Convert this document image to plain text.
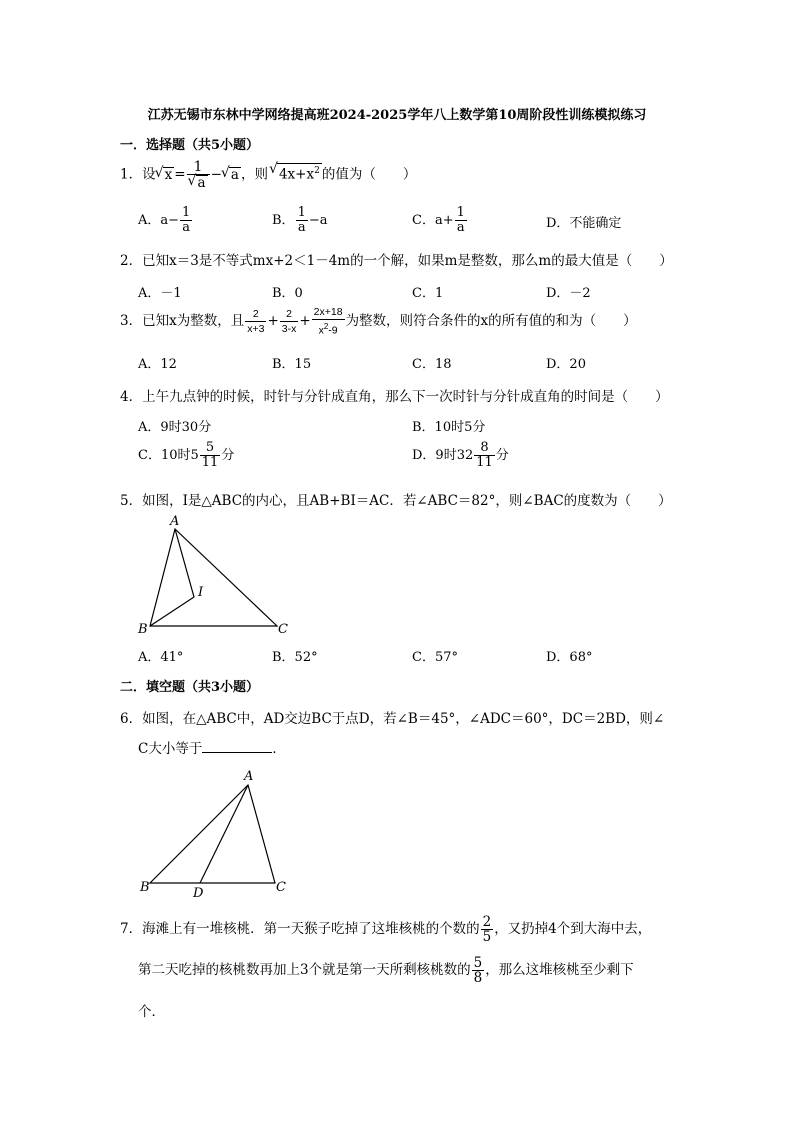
江苏无锡市东林中学网络提高班2024-2025学年八上数学第10周阶段性训练模拟练习
一．选择题（共5小题）
1．设 √ x = 1
√ a − √ a ，则 √ $4x+x^2$ 的值为（　　）
A．$a- \frac{1}{a}$	B． $\frac{1}{a} -a$	C．$a+ \frac{1}{a}$	D．不能确定
2．已知x＝3是不等式mx+2＜1－4m的一个解，如果m是整数，那么m的最大值是（　　）
A．－1	B．0	C．1	D．－2
3．已知x为整数，且 $\frac{2}{x+3} + \frac{2}{3-x} + \frac{2x+18}{x^2-9}$ 为整数，则符合条件的x的所有值的和为（　　）
A．12	B．15	C．18	D．20
4．上午九点钟的时候，时针与分针成直角，那么下一次时针与分针成直角的时间是（　　）
A．9时30分	B．10时5分
C．10时$5 \frac{5}{11}$ 分	D．9时$32 \frac{8}{11}$ 分
5．如图，I是△ABC的内心，且AB+BI＝AC．若∠ABC＝82°，则∠BAC的度数为（　　）
A
B	C
I
A．41°	B．52°	C．57°	D．68°
二．填空题（共3小题）
6．如图，在△ABC中，AD交边BC于点D，若∠B＝45°，∠ADC＝60°，DC＝2BD，则∠
C大小等于	．
A
B	C
D
7．海滩上有一堆核桃．第一天猴子吃掉了这堆核桃的个数的 $\frac{2}{5}$ ，又扔掉4个到大海中去，
第二天吃掉的核桃数再加上3个就是第一天所剩核桃数的 $\frac{5}{8}$ ，那么这堆核桃至少剩下
个．
